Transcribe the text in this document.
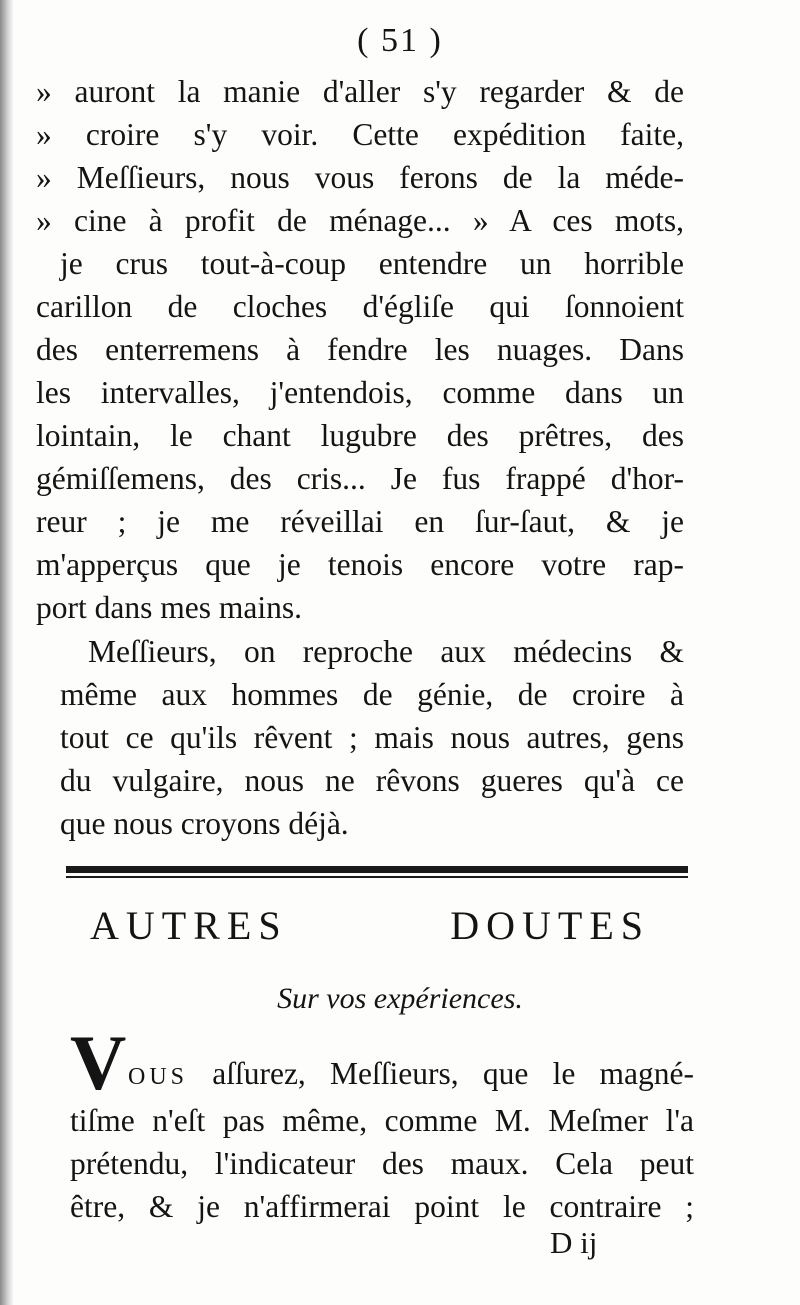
( 51 )
» auront la manie d'aller s'y regarder & de
» croire s'y voir. Cette expédition faite,
» Meſſieurs, nous vous ferons de la méde-
» cine à profit de ménage... » A ces mots,
je crus tout-à-coup entendre un horrible
carillon de cloches d'égliſe qui ſonnoient
des enterremens à fendre les nuages. Dans
les intervalles, j'entendois, comme dans un
lointain, le chant lugubre des prêtres, des
gémiſſemens, des cris... Je fus frappé d'hor-
reur ; je me réveillai en ſur-ſaut, & je
m'apperçus que je tenois encore votre rap-
port dans mes mains.
Meſſieurs, on reproche aux médecins &
même aux hommes de génie, de croire à
tout ce qu'ils rêvent ; mais nous autres, gens
du vulgaire, nous ne rêvons gueres qu'à ce
que nous croyons déjà.
AUTRES DOUTES
Sur vos expériences.
V OUS aſſurez, Meſſieurs, que le magné-
tiſme n'eſt pas même, comme M. Meſmer l'a
prétendu, l'indicateur des maux. Cela peut
être, & je n'affirmerai point le contraire ;
D ij
